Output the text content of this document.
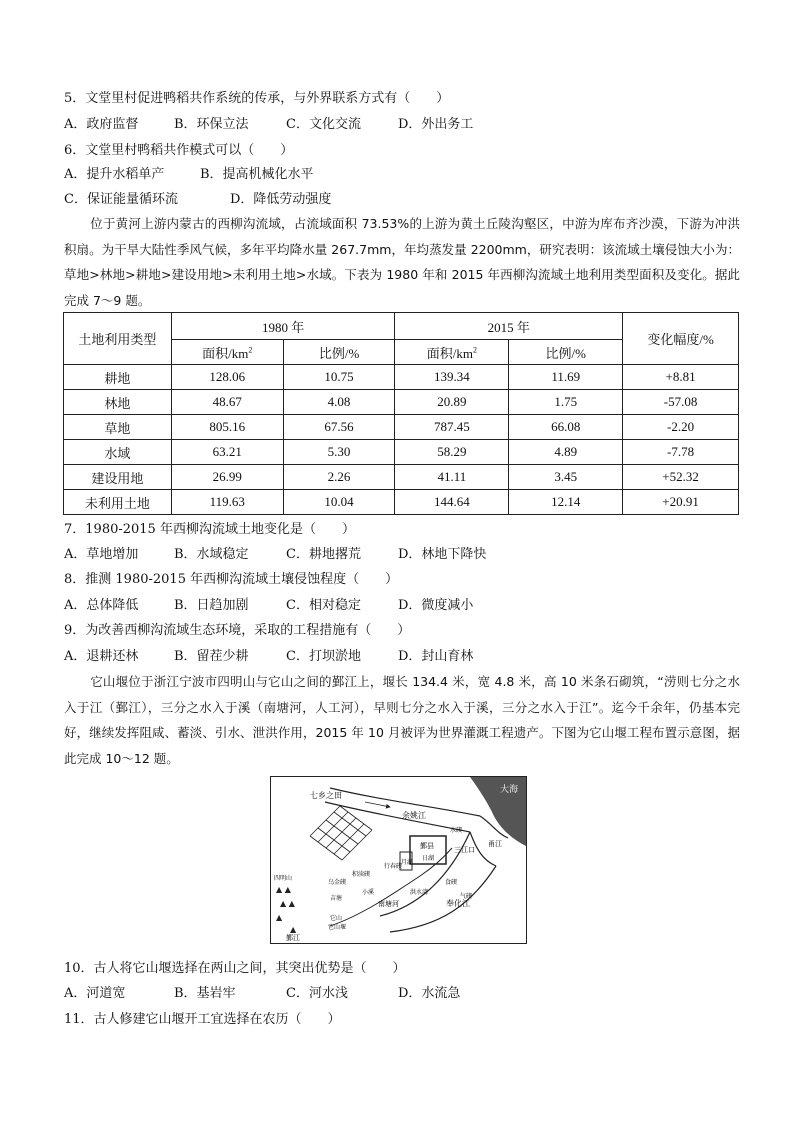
5．文堂里村促进鸭稻共作系统的传承，与外界联系方式有（　　）
A．政府监督	B．环保立法	C．文化交流	D．外出务工
6．文堂里村鸭稻共作模式可以（　　）
A．提升水稻单产	B．提高机械化水平
C．保证能量循环流	D．降低劳动强度
位于黄河上游内蒙古的西柳沟流域，占流域面积 73.53%的上游为黄土丘陵沟壑区，中游为库布齐沙漠，下游为冲洪积扇。为干旱大陆性季风气候，多年平均降水量 267.7mm，年均蒸发量 2200mm，研究表明：该流域土壤侵蚀大小为：草地>林地>耕地>建设用地>未利用土地>水域。下表为 1980 年和 2015 年西柳沟流域土地利用类型面积及变化。据此完成 7～9 题。
土地利用类型	1980 年		2015 年		变化幅度/%
	面积$/km^2$	比例/%	面积$/km^2$	比例/%	
耕地	128.06	10.75	139.34	11.69	+8.81
林地	48.67	4.08	20.89	1.75	-57.08
草地	805.16	67.56	787.45	66.08	-2.20
水域	63.21	5.30	58.29	4.89	-7.78
建设用地	26.99	2.26	41.11	3.45	+52.32
未利用土地	119.63	10.04	144.64	12.14	+20.91
7．1980-2015 年西柳沟流域土地变化是（　　）
A．草地增加	B．水域稳定	C．耕地撂荒	D．林地下降快
8．推测 1980-2015 年西柳沟流域土壤侵蚀程度（　　）
A．总体降低	B．日趋加剧	C．相对稳定	D．微度减小
9．为改善西柳沟流域生态环境，采取的工程措施有（　　）
A．退耕还林	B．留茬少耕	C．打坝淤地	D．封山育林
它山堰位于浙江宁波市四明山与它山之间的鄞江上，堰长 134.4 米，宽 4.8 米，高 10 米条石砌筑，“涝则七分之水入于江（鄞江），三分之水入于溪（南塘河，人工河），早则七分之水入于溪，三分之水入于江”。迄今千余年，仍基本完好，继续发挥阻咸、蓄淡、引水、泄洪作用，2015 年 10 月被评为世界灌溉工程遗产。下图为它山堰工程布置示意图，据此完成 10～12 题。
大海
余姚江
甬江
奉化江
南塘河
七乡之田
鄞县
日湖
月湖
水碶
三江口
食碶
气碶
行春碶
积渎碶
乌金碶
吉塘
小溪	洪水湾
▲ ▲
▲ ▲
▲
▲
四明山
它山
它山堰
鄞江
10．古人将它山堰选择在两山之间，其突出优势是（　　）
A．河道宽	B．基岩牢	C．河水浅	D．水流急
11．古人修建它山堰开工宜选择在农历（　　）
